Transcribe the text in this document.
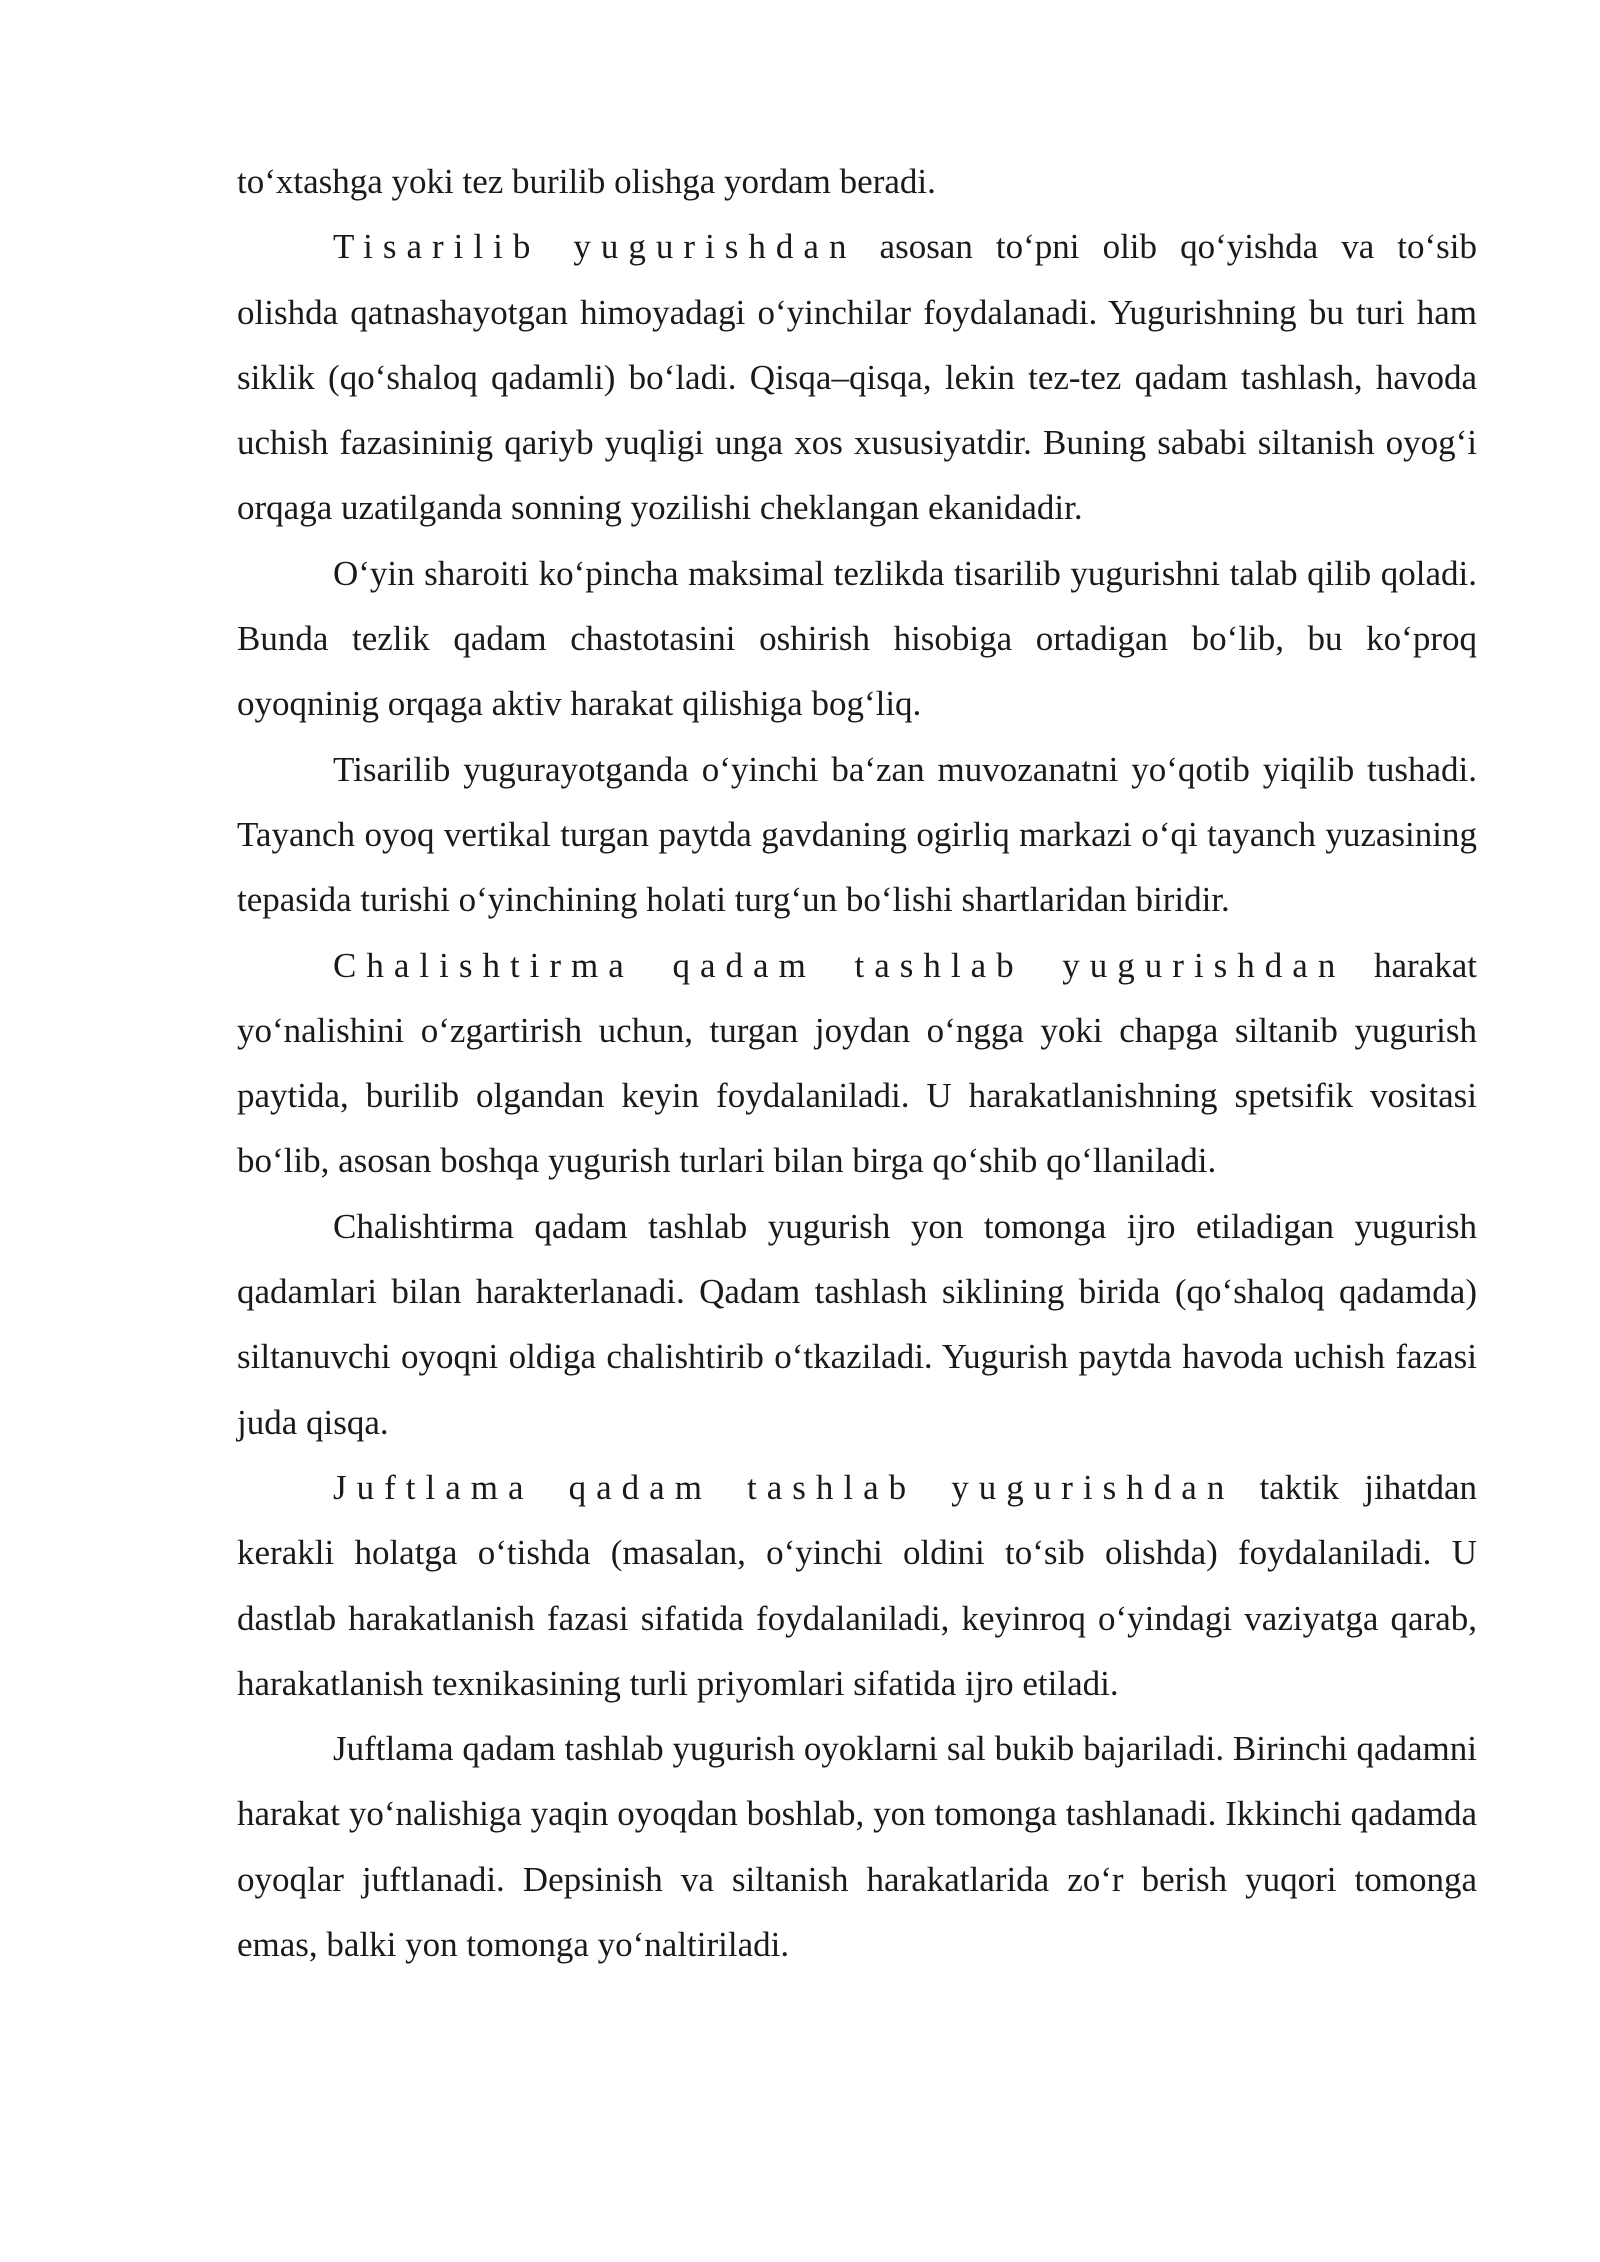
to‘xtashga yoki tez burilib olishga yordam beradi.

Tisarilib yugurishdan asosan to‘pni olib qo‘yishda va to‘sib olishda qatnashayotgan himoyadagi o‘yinchilar foydalanadi. Yugurishning bu turi ham siklik (qo‘shaloq qadamli) bo‘ladi. Qisqa–qisqa, lekin tez-tez qadam tashlash, havoda uchish fazasininig qariyb yuqligi unga xos xususiyatdir. Buning sababi siltanish oyog‘i orqaga uzatilganda sonning yozilishi cheklangan ekanidadir.

O‘yin sharoiti ko‘pincha maksimal tezlikda tisarilib yugurishni talab qilib qoladi. Bunda tezlik qadam chastotasini oshirish hisobiga ortadigan bo‘lib, bu ko‘proq oyoqninig orqaga aktiv harakat qilishiga bog‘liq.

Tisarilib yugurayotganda o‘yinchi ba‘zan muvozanatni yo‘qotib yiqilib tushadi. Tayanch oyoq vertikal turgan paytda gavdaning ogirliq markazi o‘qi tayanch yuzasining tepasida turishi o‘yinchining holati turg‘un bo‘lishi shartlaridan biridir.

Chalishtirma qadam tashlab yugurishdan harakat yo‘nalishini o‘zgartirish uchun, turgan joydan o‘ngga yoki chapga siltanib yugurish paytida, burilib olgandan keyin foydalaniladi. U harakatlanishning spetsifik vositasi bo‘lib, asosan boshqa yugurish turlari bilan birga qo‘shib qo‘llaniladi.

Chalishtirma qadam tashlab yugurish yon tomonga ijro etiladigan yugurish qadamlari bilan harakterlanadi. Qadam tashlash siklining birida (qo‘shaloq qadamda) siltanuvchi oyoqni oldiga chalishtirib o‘tkaziladi. Yugurish paytda havoda uchish fazasi juda qisqa.

Juftlama qadam tashlab yugurishdan taktik jihatdan kerakli holatga o‘tishda (masalan, o‘yinchi oldini to‘sib olishda) foydalaniladi. U dastlab harakatlanish fazasi sifatida foydalaniladi, keyinroq o‘yindagi vaziyatga qarab, harakatlanish texnikasining turli priyomlari sifatida ijro etiladi.

Juftlama qadam tashlab yugurish oyoklarni sal bukib bajariladi. Birinchi qadamni harakat yo‘nalishiga yaqin oyoqdan boshlab, yon tomonga tashlanadi. Ikkinchi qadamda oyoqlar juftlanadi. Depsinish va siltanish harakatlarida zo‘r berish yuqori tomonga emas, balki yon tomonga yo‘naltiriladi.
